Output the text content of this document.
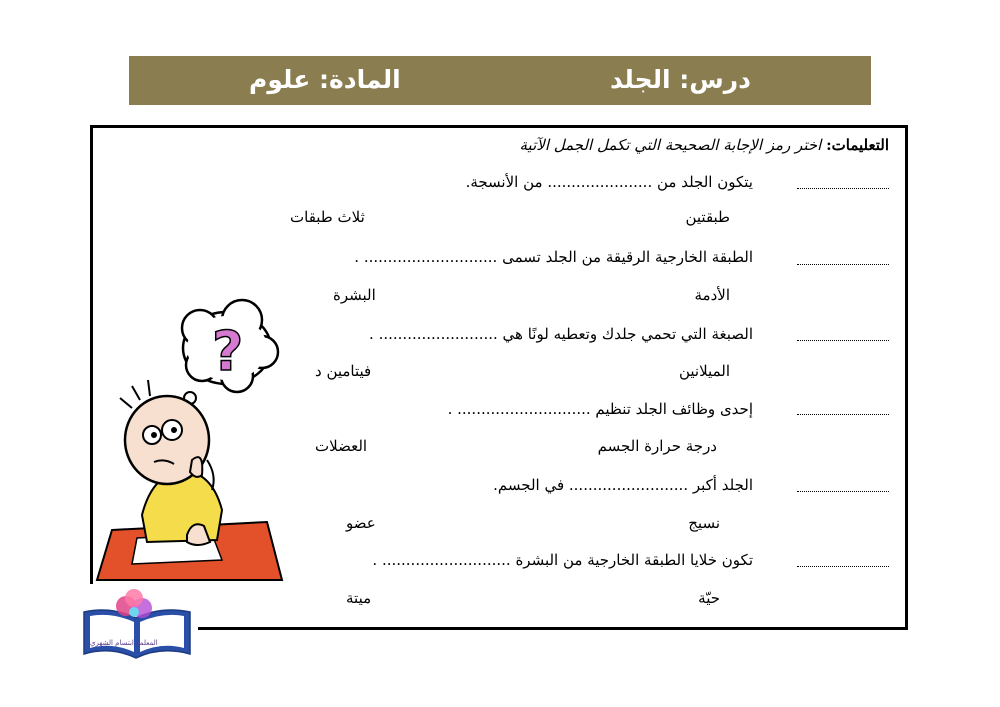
درس: الجلد
المادة: علوم
التعليمات: اختر رمز الإجابة الصحيحة التي تكمل الجمل الآتية
يتكون الجلد من ...................... من الأنسجة.
طبقتين
ثلاث طبقات
الطبقة الخارجية الرقيقة من الجلد تسمى ............................ .
الأدمة
البشرة
الصبغة التي تحمي جلدك وتعطيه لونًا هي ......................... .
الميلانين
فيتامين د
إحدى وظائف الجلد تنظيم ............................ .
درجة حرارة الجسم
العضلات
الجلد أكبر ......................... في الجسم.
نسيج
عضو
تكون خلايا الطبقة الخارجية من البشرة ........................... .
حيّة
ميتة
?
المعلمة ابتسام الشهري
